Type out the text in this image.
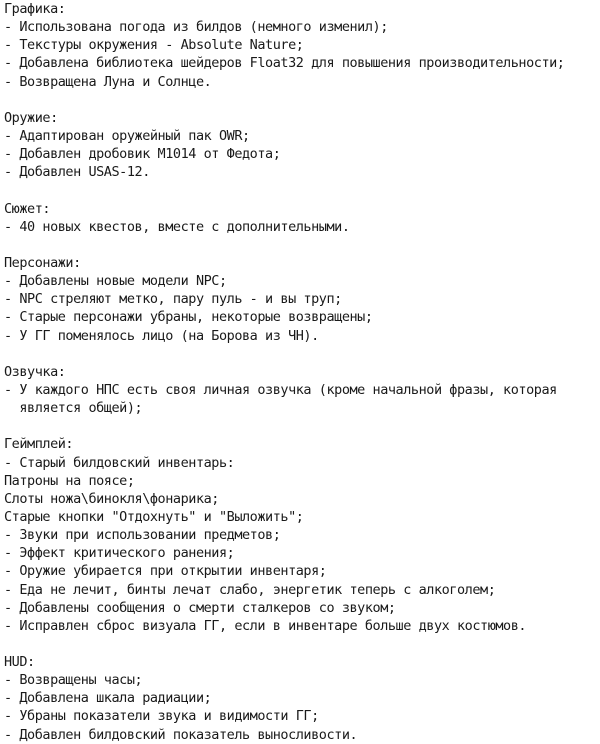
Графика:
- Использована погода из билдов (немного изменил);
- Текстуры окружения - Absolute Nature;
- Добавлена библиотека шейдеров Float32 для повышения производительности;
- Возвращена Луна и Солнце.
Оружие:
- Адаптирован оружейный пак OWR;
- Добавлен дробовик M1014 от Федота;
- Добавлен USAS-12.
Сюжет:
- 40 новых квестов, вместе с дополнительными.
Персонажи:
- Добавлены новые модели NPC;
- NPC стреляют метко, пару пуль - и вы труп;
- Старые персонажи убраны, некоторые возвращены;
- У ГГ поменялось лицо (на Борова из ЧН).
Озвучка:
- У каждого НПС есть своя личная озвучка (кроме начальной фразы, которая
является общей);
Геймплей:
- Старый билдовский инвентарь:
Патроны на поясе;
Слоты ножа\бинокля\фонарика;
Старые кнопки "Отдохнуть" и "Выложить";
- Звуки при использовании предметов;
- Эффект критического ранения;
- Оружие убирается при открытии инвентаря;
- Еда не лечит, бинты лечат слабо, энергетик теперь с алкоголем;
- Добавлены сообщения о смерти сталкеров со звуком;
- Исправлен сброс визуала ГГ, если в инвентаре больше двух костюмов.
HUD:
- Возвращены часы;
- Добавлена шкала радиации;
- Убраны показатели звука и видимости ГГ;
- Добавлен билдовский показатель выносливости.
